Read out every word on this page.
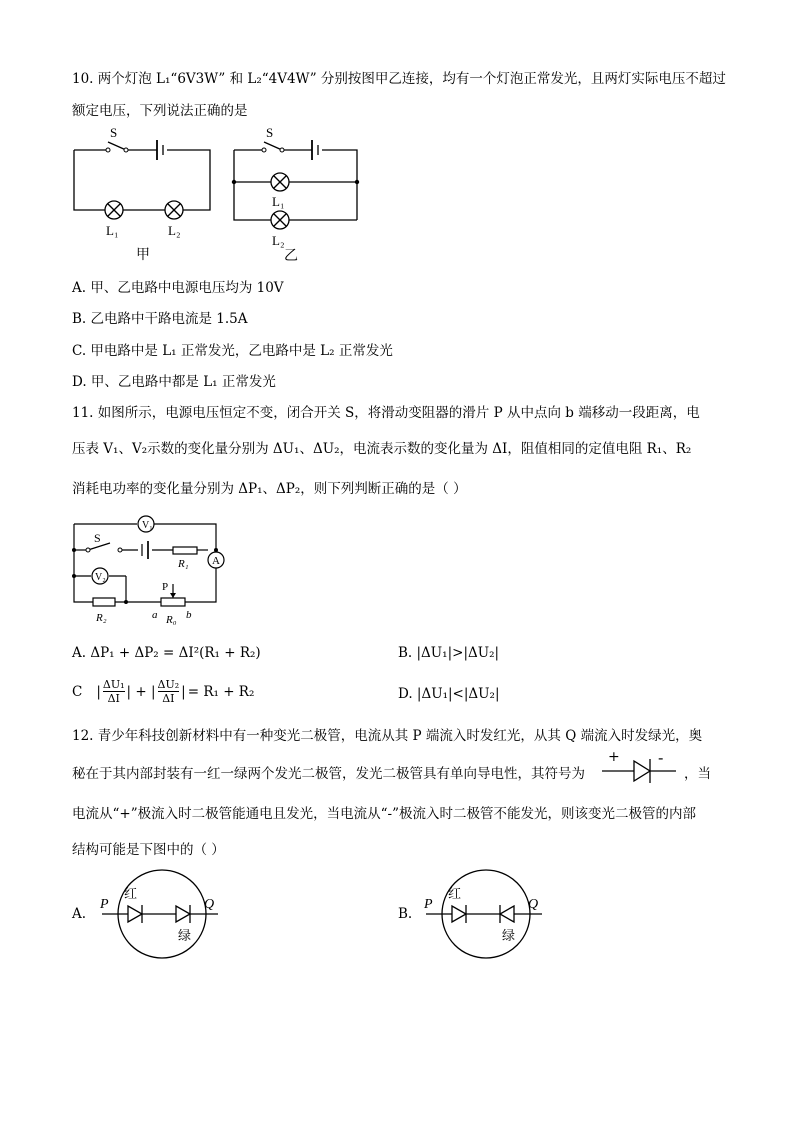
10. 两个灯泡 L₁“6V3W” 和 L₂“4V4W” 分别按图甲乙连接，均有一个灯泡正常发光，且两灯实际电压不超过
额定电压，下列说法正确的是
S
L₁	L₂
甲
S
L₁
L₂
乙
A. 甲、乙电路中电源电压均为 10V
B. 乙电路中干路电流是 1.5A
C. 甲电路中是 L₁ 正常发光，乙电路中是 L₂ 正常发光
D. 甲、乙电路中都是 L₁ 正常发光
11. 如图所示，电源电压恒定不变，闭合开关 S，将滑动变阻器的滑片 P 从中点向 b 端移动一段距离，电
压表 V₁、V₂示数的变化量分别为 ΔU₁、ΔU₂，电流表示数的变化量为 ΔI，阻值相同的定值电阻 R₁、R₂
消耗电功率的变化量分别为 ΔP₁、ΔP₂，则下列判断正确的是（ ）
V₁
V₂
A
S
R₁
R₂	R₀
P
a	b
A. ΔP₁ + ΔP₂ = ΔI²(R₁ + R₂)	B. |ΔU₁|>|ΔU₂|
C | $\frac{\text{ΔU₁}}{\Delta I}$ | + | $\frac{\text{ΔU₂}}{\Delta I}$ | = R₁ + R₂	D. |ΔU₁|<|ΔU₂|
12. 青少年科技创新材料中有一种变光二极管，电流从其 P 端流入时发红光，从其 Q 端流入时发绿光，奥
秘在于其内部封装有一红一绿两个发光二极管，发光二极管具有单向导电性，其符号为
+ -
，当
电流从“+”极流入时二极管能通电且发光，当电流从“-”极流入时二极管不能发光，则该变光二极管的内部
结构可能是下图中的（ ）
A.
P	Q
红
绿
B.
P	Q
红
绿
